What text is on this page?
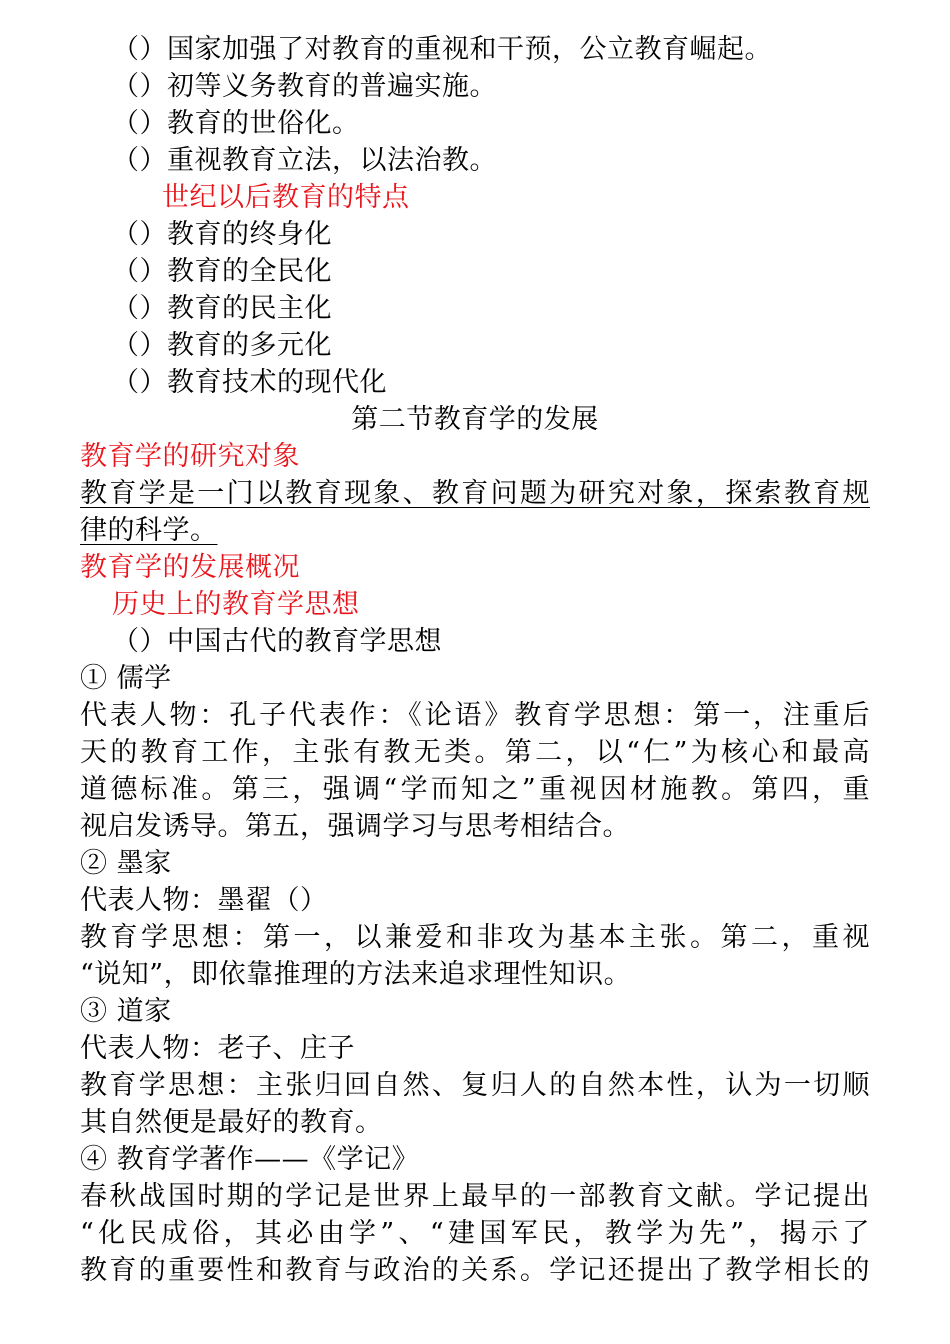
（）国家加强了对教育的重视和干预，公立教育崛起。
（）初等义务教育的普遍实施。
（）教育的世俗化。
（）重视教育立法，以法治教。
世纪以后教育的特点
（）教育的终身化
（）教育的全民化
（）教育的民主化
（）教育的多元化
（）教育技术的现代化
第二节教育学的发展
教育学的研究对象
教育学是一门以教育现象、教育问题为研究对象，探索教育规
律的科学。
教育学的发展概况
历史上的教育学思想
（）中国古代的教育学思想
① 儒学
代表人物：孔子代表作：《论语》教育学思想：第一，注重后
天的教育工作，主张有教无类。第二，以“仁”为核心和最高
道德标准。第三，强调“学而知之”重视因材施教。第四，重
视启发诱导。第五，强调学习与思考相结合。
② 墨家
代表人物：墨翟（）
教育学思想：第一，以兼爱和非攻为基本主张。第二，重视
“说知”，即依靠推理的方法来追求理性知识。
③ 道家
代表人物：老子、庄子
教育学思想：主张归回自然、复归人的自然本性，认为一切顺
其自然便是最好的教育。
④ 教育学著作——《学记》
春秋战国时期的学记是世界上最早的一部教育文献。学记提出
“化民成俗，其必由学”、“建国军民，教学为先”，揭示了
教育的重要性和教育与政治的关系。学记还提出了教学相长的
